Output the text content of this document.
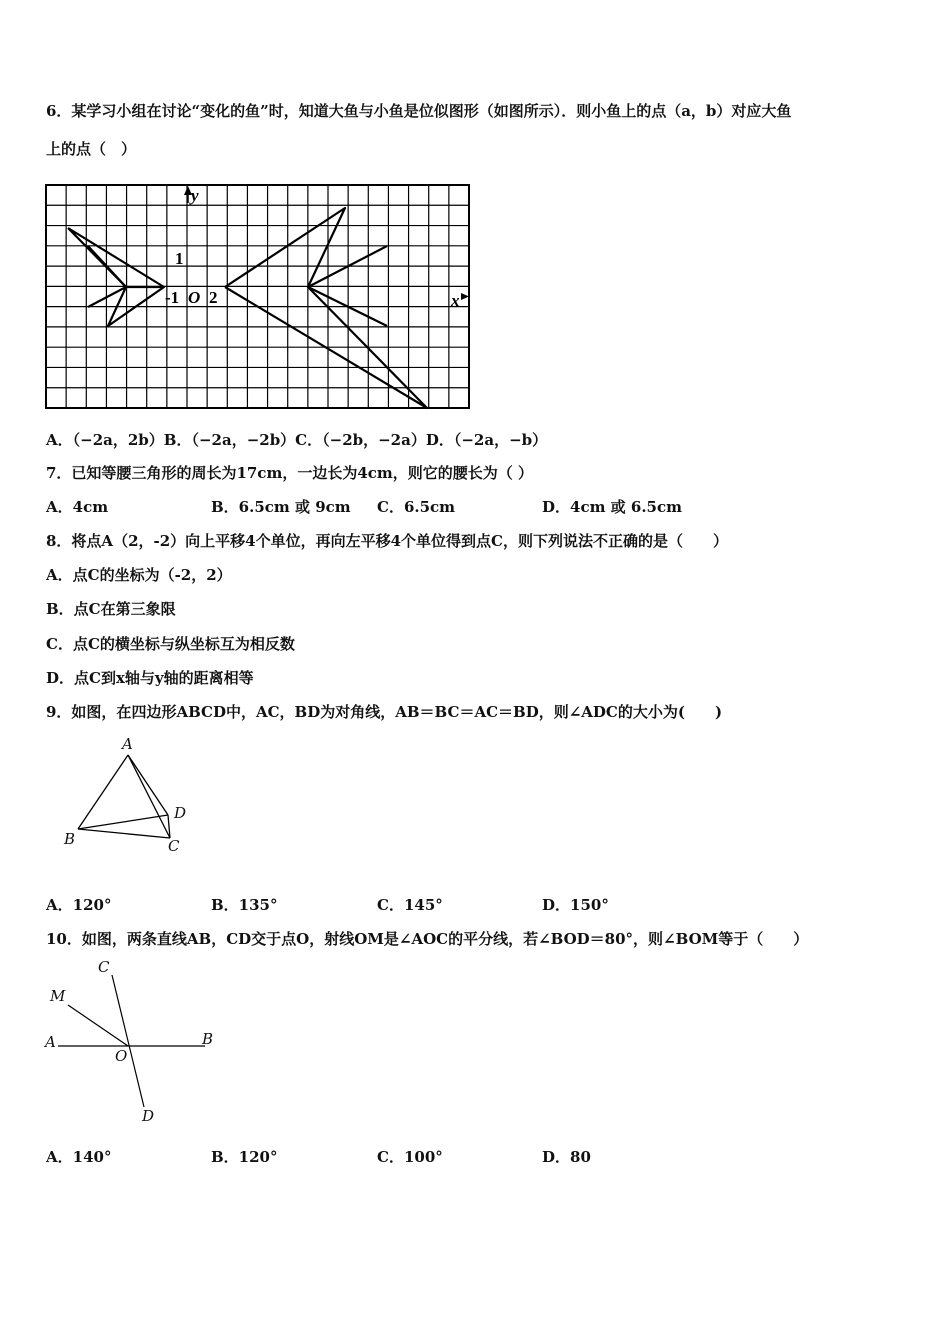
6．某学习小组在讨论“变化的鱼”时，知道大鱼与小鱼是位似图形（如图所示）．则小鱼上的点（a，b）对应大鱼
上的点（　）
y
x
1
-1 O 2
A．（−2a，2b）B．（−2a，−2b）C．（−2b，−2a）D．（−2a，−b）
7．已知等腰三角形的周长为17cm，一边长为4cm，则它的腰长为（ ）
A．4cm	B．6.5cm 或 9cm C．6.5cm	D．4cm 或 6.5cm
8．将点A（2，-2）向上平移4个单位，再向左平移4个单位得到点C，则下列说法不正确的是（　　）
A．点C的坐标为（-2，2）
B．点C在第三象限
C．点C的横坐标与纵坐标互为相反数
D．点C到x轴与y轴的距离相等
9．如图，在四边形ABCD中，AC，BD为对角线，AB＝BC＝AC＝BD，则∠ADC的大小为(　　)
A
B	C
D
A．120°	B．135°	C．145°	D．150°
10．如图，两条直线AB，CD交于点O，射线OM是∠AOC的平分线，若∠BOD＝80°，则∠BOM等于（　　）
A	B
C
D
M
O
A．140°	B．120°	C．100°	D．80
